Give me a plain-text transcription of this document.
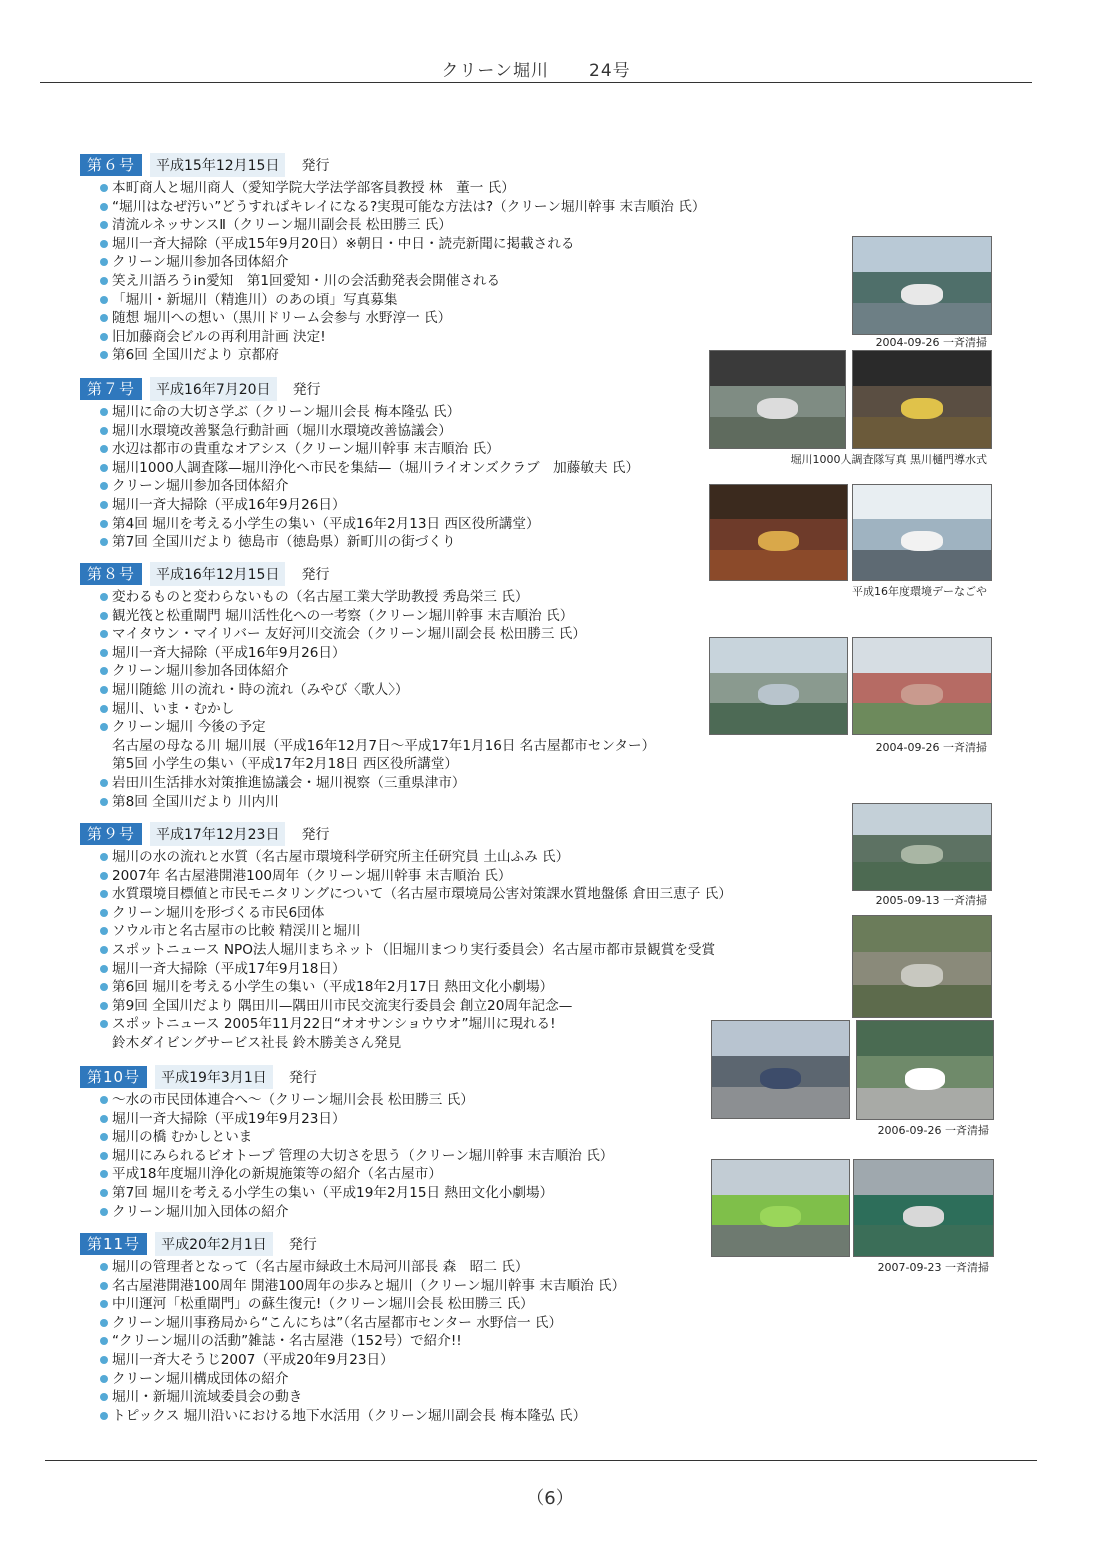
クリーン堀川 24号
第６号	平成15年12月15日	発行
本町商人と堀川商人（愛知学院大学法学部客員教授 林　董一 氏）
“堀川はなぜ汚い”どうすればキレイになる?実現可能な方法は?（クリーン堀川幹事 末吉順治 氏）
清流ルネッサンスⅡ（クリーン堀川副会長 松田勝三 氏）
堀川一斉大掃除（平成15年9月20日）※朝日・中日・読売新聞に掲載される
クリーン堀川参加各団体紹介
笑え川語ろうin愛知　第1回愛知・川の会活動発表会開催される
「堀川・新堀川（精進川）のあの頃」写真募集
随想 堀川への想い（黒川ドリーム会参与 水野淳一 氏）
旧加藤商会ビルの再利用計画 決定!
第6回 全国川だより 京都府
第７号	平成16年7月20日	発行
堀川に命の大切さ学ぶ（クリーン堀川会長 梅本隆弘 氏）
堀川水環境改善緊急行動計画（堀川水環境改善協議会）
水辺は都市の貴重なオアシス（クリーン堀川幹事 末吉順治 氏）
堀川1000人調査隊—堀川浄化へ市民を集結—（堀川ライオンズクラブ　加藤敏夫 氏）
クリーン堀川参加各団体紹介
堀川一斉大掃除（平成16年9月26日）
第4回 堀川を考える小学生の集い（平成16年2月13日 西区役所講堂）
第7回 全国川だより 徳島市（徳島県）新町川の街づくり
第８号	平成16年12月15日	発行
変わるものと変わらないもの（名古屋工業大学助教授 秀島栄三 氏）
観光筏と松重閘門 堀川活性化への一考察（クリーン堀川幹事 末吉順治 氏）
マイタウン・マイリバー 友好河川交流会（クリーン堀川副会長 松田勝三 氏）
堀川一斉大掃除（平成16年9月26日）
クリーン堀川参加各団体紹介
堀川随総 川の流れ・時の流れ（みやび〈歌人〉）
堀川、いま・むかし
クリーン堀川 今後の予定
名古屋の母なる川 堀川展（平成16年12月7日～平成17年1月16日 名古屋都市センター）
第5回 小学生の集い（平成17年2月18日 西区役所講堂）
岩田川生活排水対策推進協議会・堀川視察（三重県津市）
第8回 全国川だより 川内川
第９号	平成17年12月23日	発行
堀川の水の流れと水質（名古屋市環境科学研究所主任研究員 土山ふみ 氏）
2007年 名古屋港開港100周年（クリーン堀川幹事 末吉順治 氏）
水質環境目標値と市民モニタリングについて（名古屋市環境局公害対策課水質地盤係 倉田三恵子 氏）
クリーン堀川を形づくる市民6団体
ソウル市と名古屋市の比較 精渓川と堀川
スポットニュース NPO法人堀川まちネット（旧堀川まつり実行委員会）名古屋市都市景観賞を受賞
堀川一斉大掃除（平成17年9月18日）
第6回 堀川を考える小学生の集い（平成18年2月17日 熱田文化小劇場）
第9回 全国川だより 隅田川—隅田川市民交流実行委員会 創立20周年記念—
スポットニュース 2005年11月22日“オオサンショウウオ”堀川に現れる!
鈴木ダイビングサービス社長 鈴木勝美さん発見
第10号	平成19年3月1日	発行
～水の市民団体連合へ～（クリーン堀川会長 松田勝三 氏）
堀川一斉大掃除（平成19年9月23日）
堀川の橋 むかしといま
堀川にみられるビオトープ 管理の大切さを思う（クリーン堀川幹事 末吉順治 氏）
平成18年度堀川浄化の新規施策等の紹介（名古屋市）
第7回 堀川を考える小学生の集い（平成19年2月15日 熱田文化小劇場）
クリーン堀川加入団体の紹介
第11号	平成20年2月1日	発行
堀川の管理者となって（名古屋市緑政土木局河川部長 森　昭二 氏）
名古屋港開港100周年 開港100周年の歩みと堀川（クリーン堀川幹事 末吉順治 氏）
中川運河「松重閘門」の蘇生復元!（クリーン堀川会長 松田勝三 氏）
クリーン堀川事務局から“こんにちは”（名古屋都市センター 水野信一 氏）
“クリーン堀川の活動”雑誌・名古屋港（152号）で紹介!!
堀川一斉大そうじ2007（平成20年9月23日）
クリーン堀川構成団体の紹介
堀川・新堀川流域委員会の動き
トピックス 堀川沿いにおける地下水活用（クリーン堀川副会長 梅本隆弘 氏）
2004-09-26 一斉清掃
堀川1000人調査隊写真 黒川樋門導水式
平成16年度環境デーなごや
2004-09-26 一斉清掃
2005-09-13 一斉清掃
2006-09-26 一斉清掃
2007-09-23 一斉清掃
（6）
